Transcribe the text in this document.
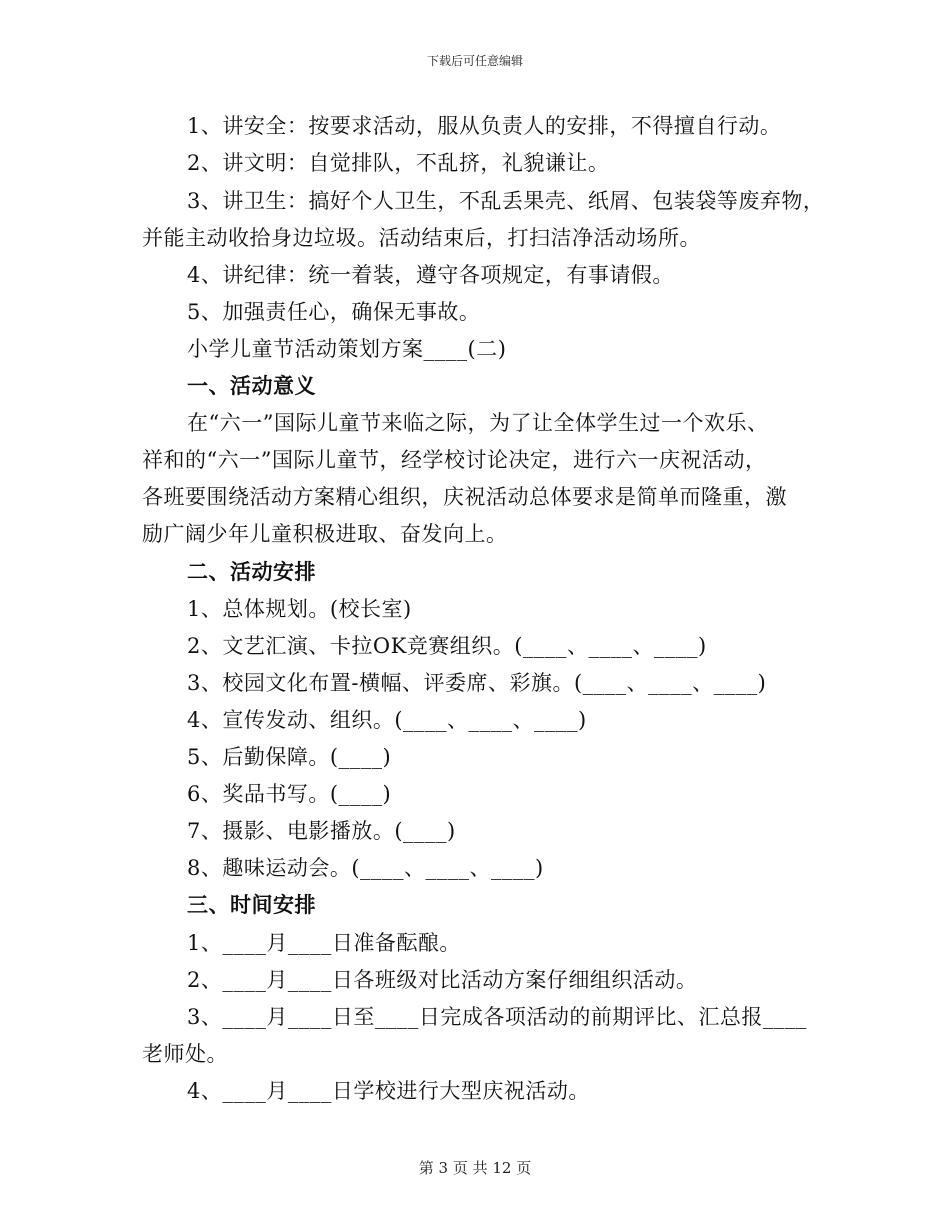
下载后可任意编辑
1、讲安全：按要求活动，服从负责人的安排，不得擅自行动。
2、讲文明：自觉排队，不乱挤，礼貌谦让。
3、讲卫生：搞好个人卫生，不乱丢果壳、纸屑、包装袋等废弃物，
并能主动收拾身边垃圾。活动结束后，打扫洁净活动场所。
4、讲纪律：统一着装，遵守各项规定，有事请假。
5、加强责任心，确保无事故。
小学儿童节活动策划方案____(二)
一、活动意义
在“六一”国际儿童节来临之际，为了让全体学生过一个欢乐、
祥和的“六一”国际儿童节，经学校讨论决定，进行六一庆祝活动，
各班要围绕活动方案精心组织，庆祝活动总体要求是简单而隆重，激
励广阔少年儿童积极进取、奋发向上。
二、活动安排
1、总体规划。(校长室)
2、文艺汇演、卡拉OK竞赛组织。(____、____、____)
3、校园文化布置-横幅、评委席、彩旗。(____、____、____)
4、宣传发动、组织。(____、____、____)
5、后勤保障。(____)
6、奖品书写。(____)
7、摄影、电影播放。(____)
8、趣味运动会。(____、____、____)
三、时间安排
1、____月____日准备酝酿。
2、____月____日各班级对比活动方案仔细组织活动。
3、____月____日至____日完成各项活动的前期评比、汇总报____
老师处。
4、____月____日学校进行大型庆祝活动。
第 3 页 共 12 页
